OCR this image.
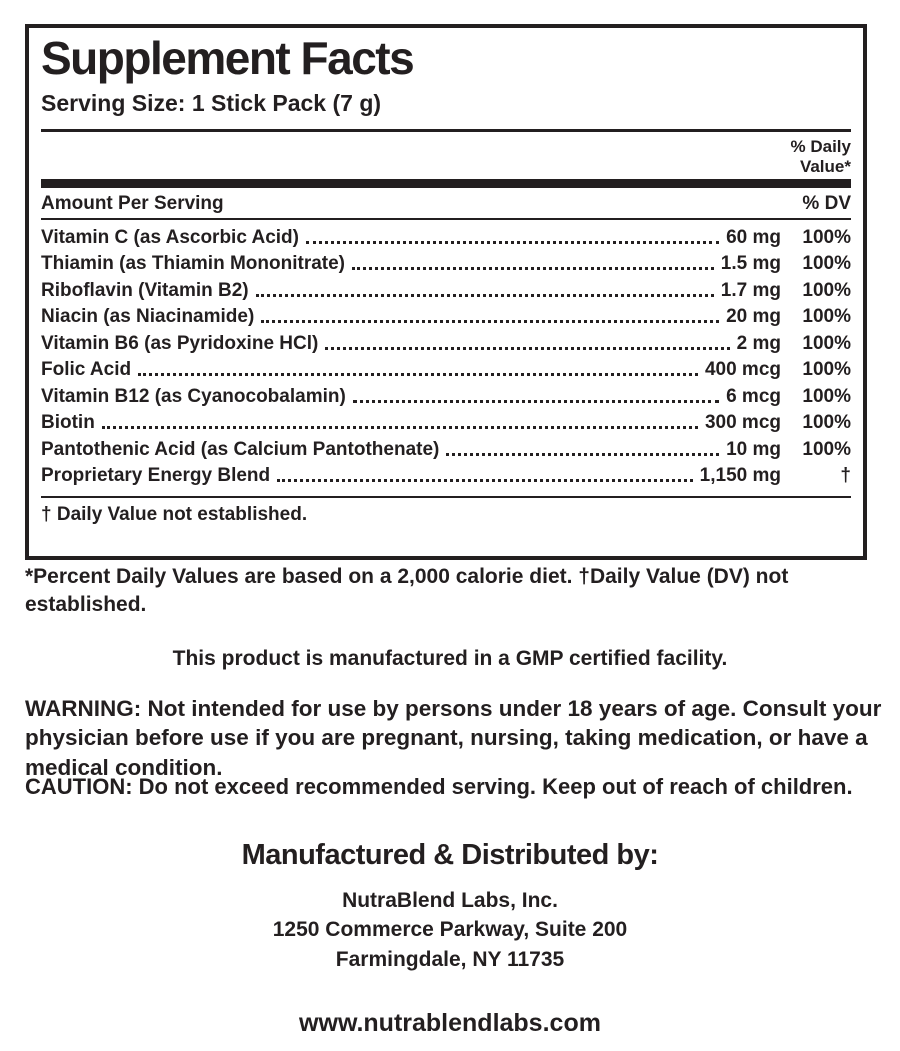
Supplement Facts
Serving Size: 1 Stick Pack (7 g)
% Daily
Value*
Amount Per Serving	% DV
Vitamin C (as Ascorbic Acid)	60 mg	100%
Thiamin (as Thiamin Mononitrate)	1.5 mg	100%
Riboflavin (Vitamin B2)	1.7 mg	100%
Niacin (as Niacinamide)	20 mg	100%
Vitamin B6 (as Pyridoxine HCl)	2 mg	100%
Folic Acid	400 mcg	100%
Vitamin B12 (as Cyanocobalamin)	6 mcg	100%
Biotin	300 mcg	100%
Pantothenic Acid (as Calcium Pantothenate)	10 mg	100%
Proprietary Energy Blend	1,150 mg	†
† Daily Value not established.
*Percent Daily Values are based on a 2,000 calorie diet. †Daily Value (DV) not established.
This product is manufactured in a GMP certified facility.
WARNING: Not intended for use by persons under 18 years of age. Consult your physician before use if you are pregnant, nursing, taking medication, or have a medical condition.
CAUTION: Do not exceed recommended serving. Keep out of reach of children.
Manufactured & Distributed by:
NutraBlend Labs, Inc.
1250 Commerce Parkway, Suite 200
Farmingdale, NY 11735
www.nutrablendlabs.com
